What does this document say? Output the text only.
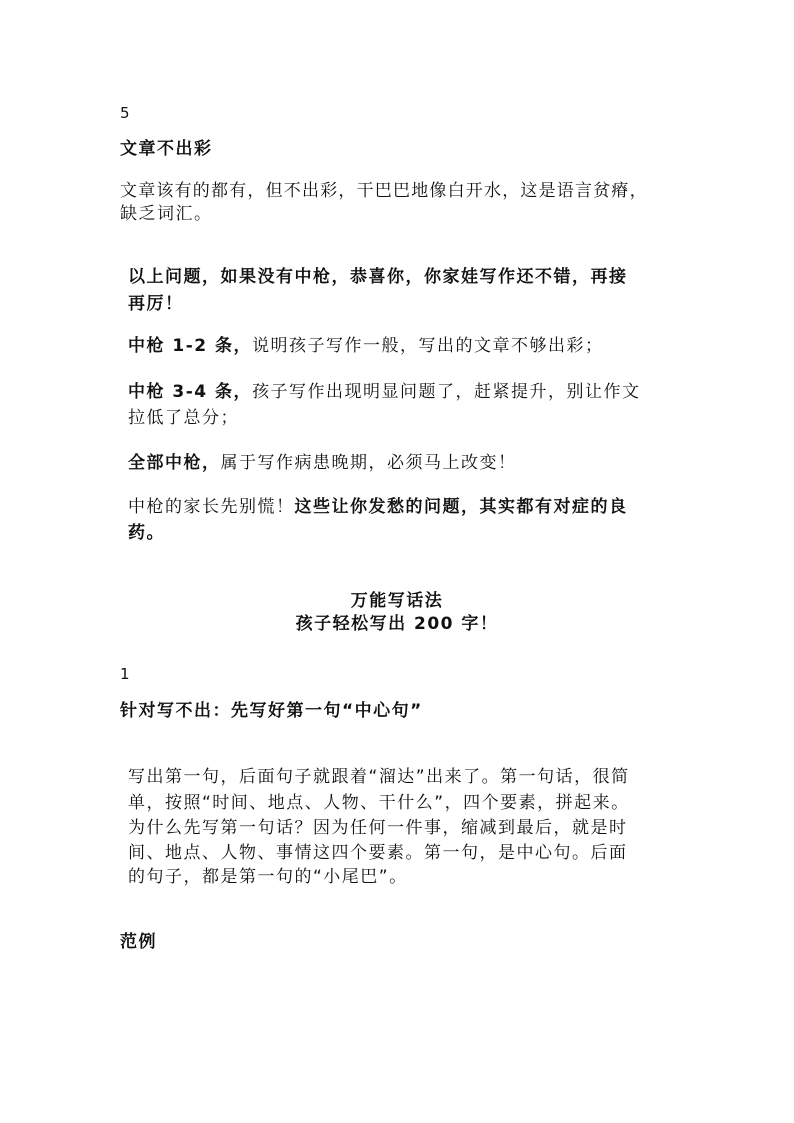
5

文章不出彩

文章该有的都有，但不出彩，干巴巴地像白开水，这是语言贫瘠，

缺乏词汇。

以上问题，如果没有中枪，恭喜你，你家娃写作还不错，再接

再厉！

中枪 1-2 条，说明孩子写作一般，写出的文章不够出彩；

中枪 3-4 条，孩子写作出现明显问题了，赶紧提升，别让作文

拉低了总分；

全部中枪，属于写作病患晚期，必须马上改变！

中枪的家长先别慌！这些让你发愁的问题，其实都有对症的良

药。

万能写话法

孩子轻松写出 200 字！

1

针对写不出：先写好第一句“中心句”

写出第一句，后面句子就跟着“溜达”出来了。第一句话，很简

单，按照“时间、地点、人物、干什么”，四个要素，拼起来。

为什么先写第一句话？因为任何一件事，缩减到最后，就是时

间、地点、人物、事情这四个要素。第一句，是中心句。后面

的句子，都是第一句的“小尾巴”。

范例
